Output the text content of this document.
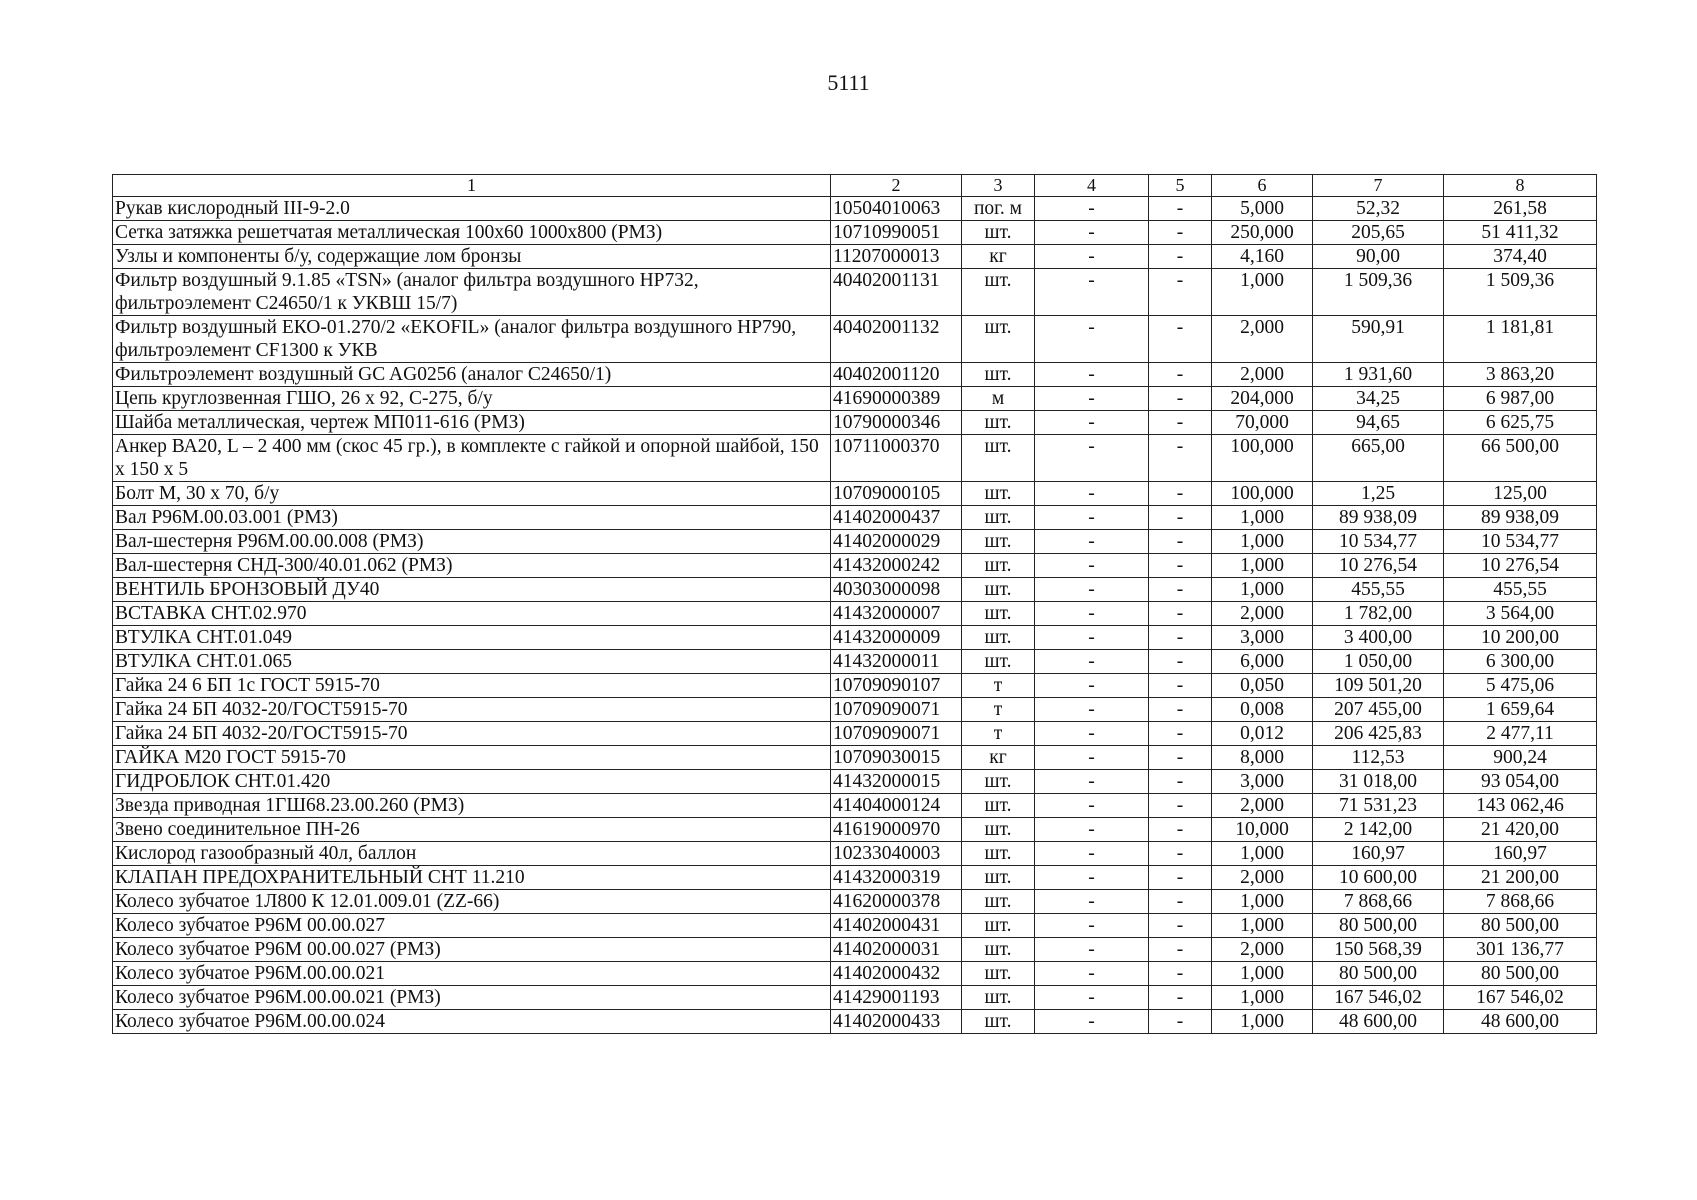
5111
1	2	3	4	5	6	7	8
Рукав кислородный III-9-2.0	10504010063	пог. м	-	-	5,000	52,32	261,58
Сетка затяжка решетчатая металлическая 100х60 1000х800 (РМЗ)	10710990051	шт.	-	-	250,000	205,65	51 411,32
Узлы и компоненты б/у, содержащие лом бронзы	11207000013	кг	-	-	4,160	90,00	374,40
Фильтр воздушный 9.1.85 «TSN» (аналог фильтра воздушного НР732, фильтроэлемент С24650/1 к УКВШ 15/7)	40402001131	шт.	-	-	1,000	1 509,36	1 509,36
Фильтр воздушный ЕКО-01.270/2 «EKOFIL» (аналог фильтра воздушного НР790, фильтроэлемент CF1300 к УКВ	40402001132	шт.	-	-	2,000	590,91	1 181,81
Фильтроэлемент воздушный GC AG0256 (аналог С24650/1)	40402001120	шт.	-	-	2,000	1 931,60	3 863,20
Цепь круглозвенная ГШО, 26 х 92, С-275, б/у	41690000389	м	-	-	204,000	34,25	6 987,00
Шайба металлическая, чертеж МП011-616 (РМЗ)	10790000346	шт.	-	-	70,000	94,65	6 625,75
Анкер ВА20, L – 2 400 мм (скос 45 гр.), в комплекте с гайкой и опорной шайбой, 150 х 150 х 5	10711000370	шт.	-	-	100,000	665,00	66 500,00
Болт М, 30 х 70, б/у	10709000105	шт.	-	-	100,000	1,25	125,00
Вал Р96М.00.03.001 (РМЗ)	41402000437	шт.	-	-	1,000	89 938,09	89 938,09
Вал-шестерня Р96М.00.00.008 (РМЗ)	41402000029	шт.	-	-	1,000	10 534,77	10 534,77
Вал-шестерня СНД-300/40.01.062 (РМЗ)	41432000242	шт.	-	-	1,000	10 276,54	10 276,54
ВЕНТИЛЬ БРОНЗОВЫЙ ДУ40	40303000098	шт.	-	-	1,000	455,55	455,55
ВСТАВКА СНТ.02.970	41432000007	шт.	-	-	2,000	1 782,00	3 564,00
ВТУЛКА СНТ.01.049	41432000009	шт.	-	-	3,000	3 400,00	10 200,00
ВТУЛКА СНТ.01.065	41432000011	шт.	-	-	6,000	1 050,00	6 300,00
Гайка 24 6 БП 1с ГОСТ 5915-70	10709090107	т	-	-	0,050	109 501,20	5 475,06
Гайка 24 БП 4032-20/ГОСТ5915-70	10709090071	т	-	-	0,008	207 455,00	1 659,64
Гайка 24 БП 4032-20/ГОСТ5915-70	10709090071	т	-	-	0,012	206 425,83	2 477,11
ГАЙКА М20 ГОСТ 5915-70	10709030015	кг	-	-	8,000	112,53	900,24
ГИДРОБЛОК СНТ.01.420	41432000015	шт.	-	-	3,000	31 018,00	93 054,00
Звезда приводная 1ГШ68.23.00.260 (РМЗ)	41404000124	шт.	-	-	2,000	71 531,23	143 062,46
Звено соединительное ПН-26	41619000970	шт.	-	-	10,000	2 142,00	21 420,00
Кислород газообразный 40л, баллон	10233040003	шт.	-	-	1,000	160,97	160,97
КЛАПАН ПРЕДОХРАНИТЕЛЬНЫЙ СНТ 11.210	41432000319	шт.	-	-	2,000	10 600,00	21 200,00
Колесо зубчатое 1Л800 К 12.01.009.01 (ZZ-66)	41620000378	шт.	-	-	1,000	7 868,66	7 868,66
Колесо зубчатое Р96М 00.00.027	41402000431	шт.	-	-	1,000	80 500,00	80 500,00
Колесо зубчатое Р96М 00.00.027 (РМЗ)	41402000031	шт.	-	-	2,000	150 568,39	301 136,77
Колесо зубчатое Р96М.00.00.021	41402000432	шт.	-	-	1,000	80 500,00	80 500,00
Колесо зубчатое Р96М.00.00.021 (РМЗ)	41429001193	шт.	-	-	1,000	167 546,02	167 546,02
Колесо зубчатое Р96М.00.00.024	41402000433	шт.	-	-	1,000	48 600,00	48 600,00
